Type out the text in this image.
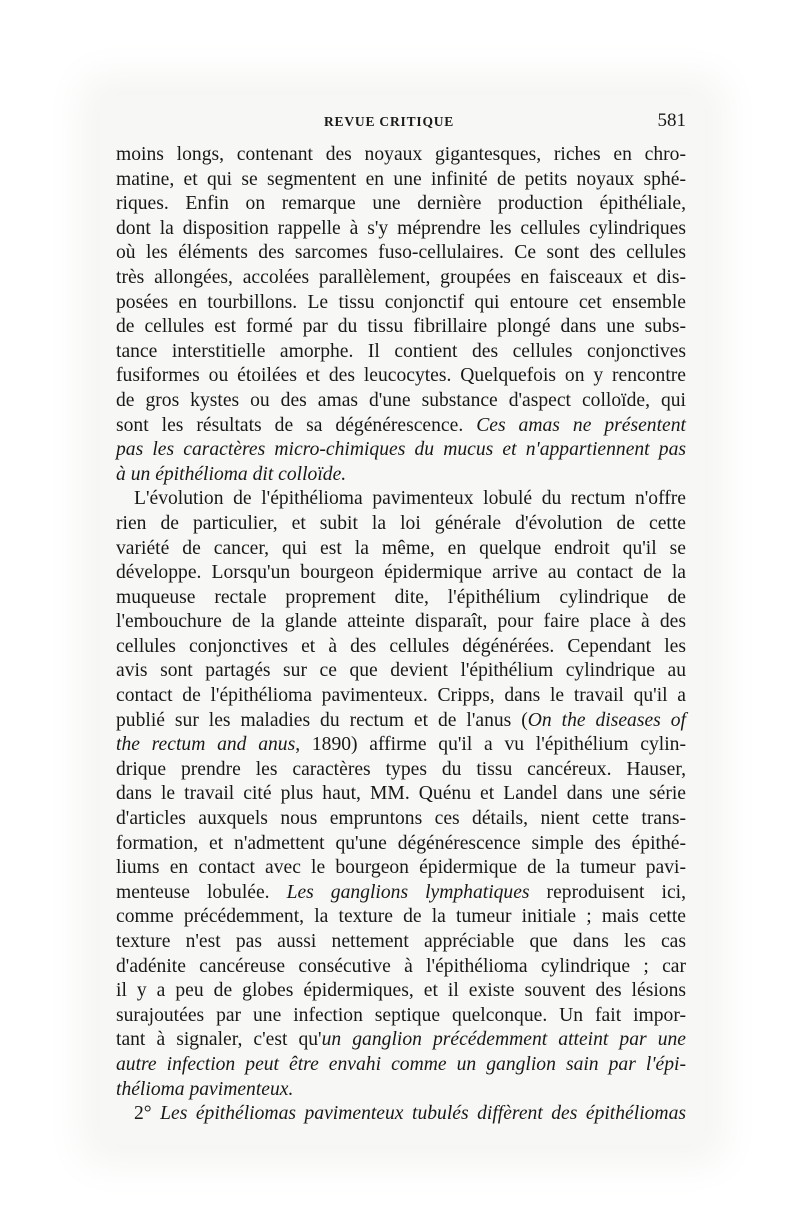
REVUE CRITIQUE	581
moins longs, contenant des noyaux gigantesques, riches en chro-
matine, et qui se segmentent en une infinité de petits noyaux sphé-
riques. Enfin on remarque une dernière production épithéliale,
dont la disposition rappelle à s'y méprendre les cellules cylindriques
où les éléments des sarcomes fuso-cellulaires. Ce sont des cellules
très allongées, accolées parallèlement, groupées en faisceaux et dis-
posées en tourbillons. Le tissu conjonctif qui entoure cet ensemble
de cellules est formé par du tissu fibrillaire plongé dans une subs-
tance interstitielle amorphe. Il contient des cellules conjonctives
fusiformes ou étoilées et des leucocytes. Quelquefois on y rencontre
de gros kystes ou des amas d'une substance d'aspect colloïde, qui
sont les résultats de sa dégénérescence. Ces amas ne présentent
pas les caractères micro-chimiques du mucus et n'appartiennent pas
à un épithélioma dit colloïde.
L'évolution de l'épithélioma pavimenteux lobulé du rectum n'offre
rien de particulier, et subit la loi générale d'évolution de cette
variété de cancer, qui est la même, en quelque endroit qu'il se
développe. Lorsqu'un bourgeon épidermique arrive au contact de la
muqueuse rectale proprement dite, l'épithélium cylindrique de
l'embouchure de la glande atteinte disparaît, pour faire place à des
cellules conjonctives et à des cellules dégénérées. Cependant les
avis sont partagés sur ce que devient l'épithélium cylindrique au
contact de l'épithélioma pavimenteux. Cripps, dans le travail qu'il a
publié sur les maladies du rectum et de l'anus (On the diseases of
the rectum and anus, 1890) affirme qu'il a vu l'épithélium cylin-
drique prendre les caractères types du tissu cancéreux. Hauser,
dans le travail cité plus haut, MM. Quénu et Landel dans une série
d'articles auxquels nous empruntons ces détails, nient cette trans-
formation, et n'admettent qu'une dégénérescence simple des épithé-
liums en contact avec le bourgeon épidermique de la tumeur pavi-
menteuse lobulée. Les ganglions lymphatiques reproduisent ici,
comme précédemment, la texture de la tumeur initiale ; mais cette
texture n'est pas aussi nettement appréciable que dans les cas
d'adénite cancéreuse consécutive à l'épithélioma cylindrique ; car
il y a peu de globes épidermiques, et il existe souvent des lésions
surajoutées par une infection septique quelconque. Un fait impor-
tant à signaler, c'est qu'un ganglion précédemment atteint par une
autre infection peut être envahi comme un ganglion sain par l'épi-
thélioma pavimenteux.
2° Les épithéliomas pavimenteux tubulés diffèrent des épithéliomas
